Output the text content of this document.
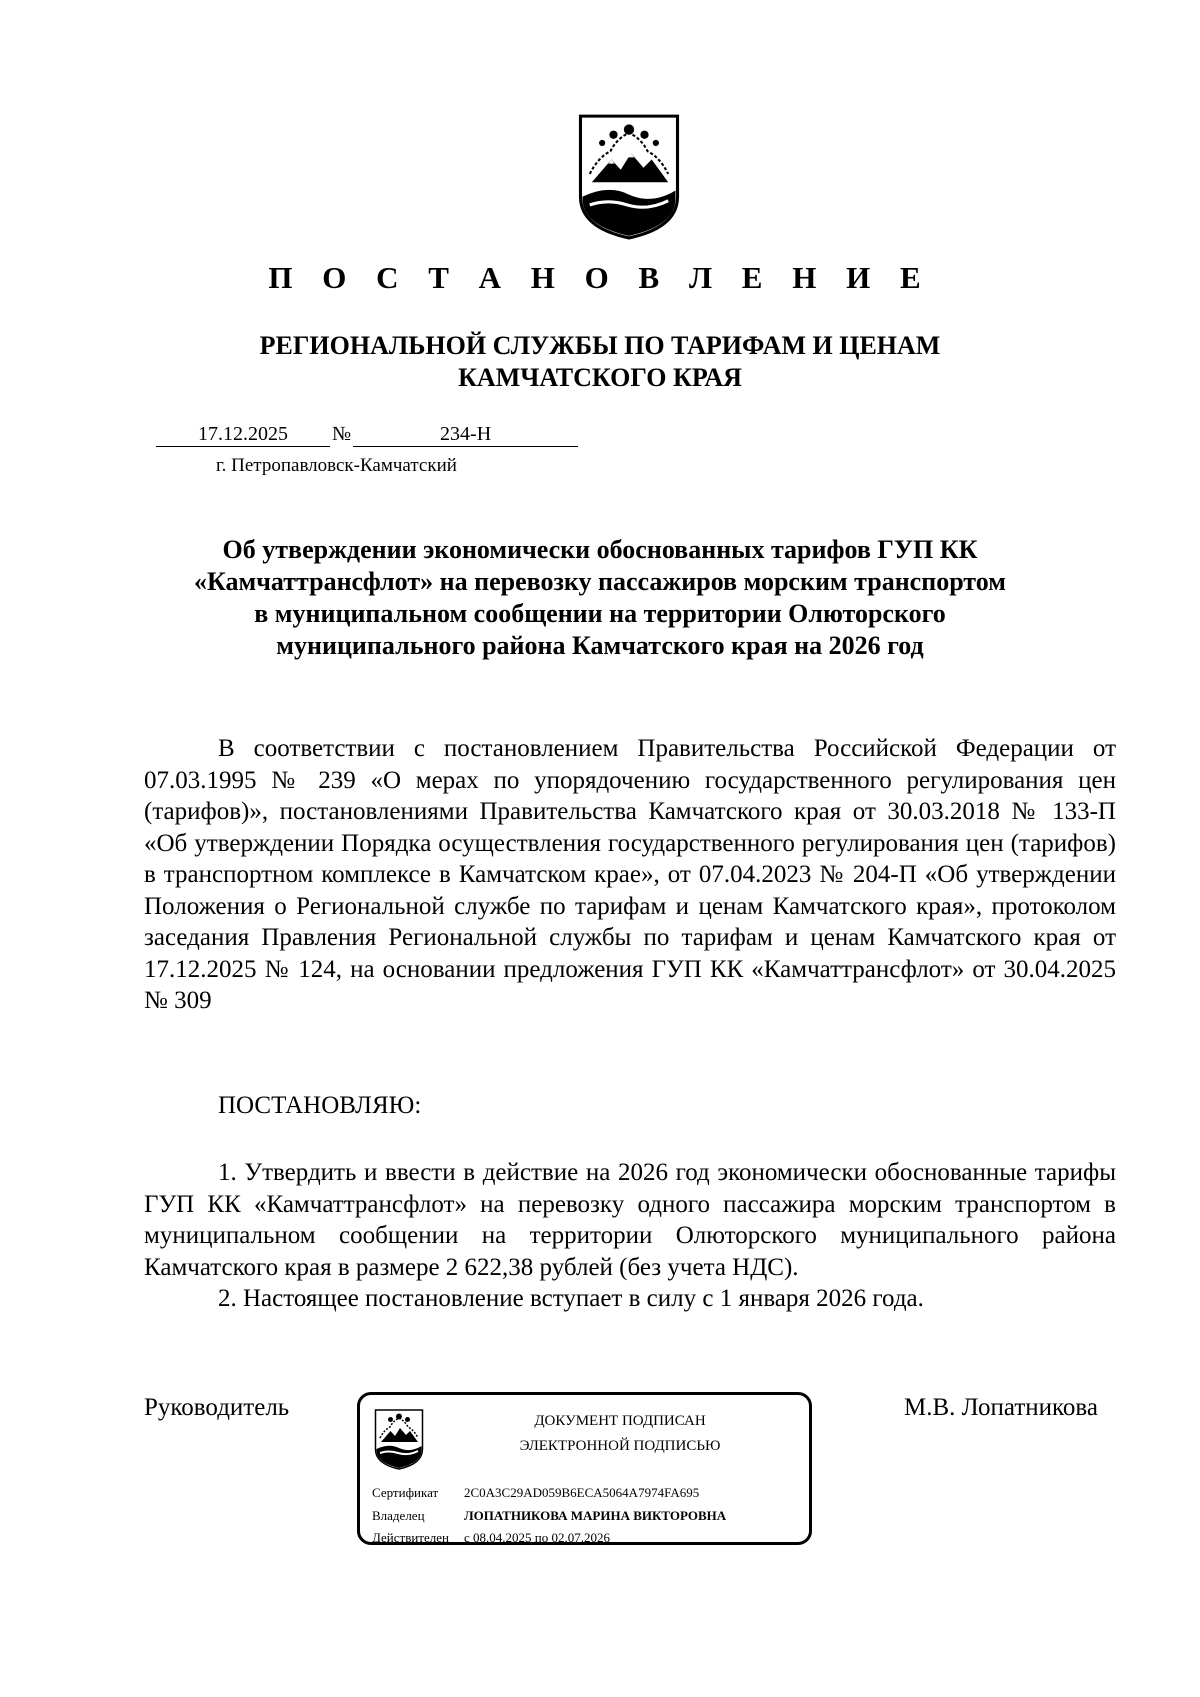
П О С Т А Н О В Л Е Н И Е
РЕГИОНАЛЬНОЙ СЛУЖБЫ ПО ТАРИФАМ И ЦЕНАМ
КАМЧАТСКОГО КРАЯ
17.12.2025 №	234-Н
г. Петропавловск-Камчатский
Об утверждении экономически обоснованных тарифов ГУП КК «Камчаттрансфлот» на перевозку пассажиров морским транспортом в муниципальном сообщении на территории Олюторского муниципального района Камчатского края на 2026 год

В соответствии с постановлением Правительства Российской Федерации от 07.03.1995 № 239 «О мерах по упорядочению государственного регулирования цен (тарифов)», постановлениями Правительства Камчатского края от 30.03.2018 № 133-П «Об утверждении Порядка осуществления государственного регулирования цен (тарифов) в транспортном комплексе в Камчатском крае», от 07.04.2023 № 204-П «Об утверждении Положения о Региональной службе по тарифам и ценам Камчатского края», протоколом заседания Правления Региональной службы по тарифам и ценам Камчатского края от 17.12.2025 № 124, на основании предложения ГУП КК «Камчаттрансфлот» от 30.04.2025 № 309

ПОСТАНОВЛЯЮ:

1. Утвердить и ввести в действие на 2026 год экономически обоснованные тарифы ГУП КК «Камчаттрансфлот» на перевозку одного пассажира морским транспортом в муниципальном сообщении на территории Олюторского муниципального района Камчатского края в размере 2 622,38 рублей (без учета НДС).

2. Настоящее постановление вступает в силу с 1 января 2026 года.

Руководитель	М.В. Лопатникова
ДОКУМЕНТ ПОДПИСАН
ЭЛЕКТРОННОЙ ПОДПИСЬЮ
Сертификат 2C0A3C29AD059B6ECA5064A7974FA695
Владелец	ЛОПАТНИКОВА МАРИНА ВИКТОРОВНА
Действителен с 08.04.2025 по 02.07.2026
